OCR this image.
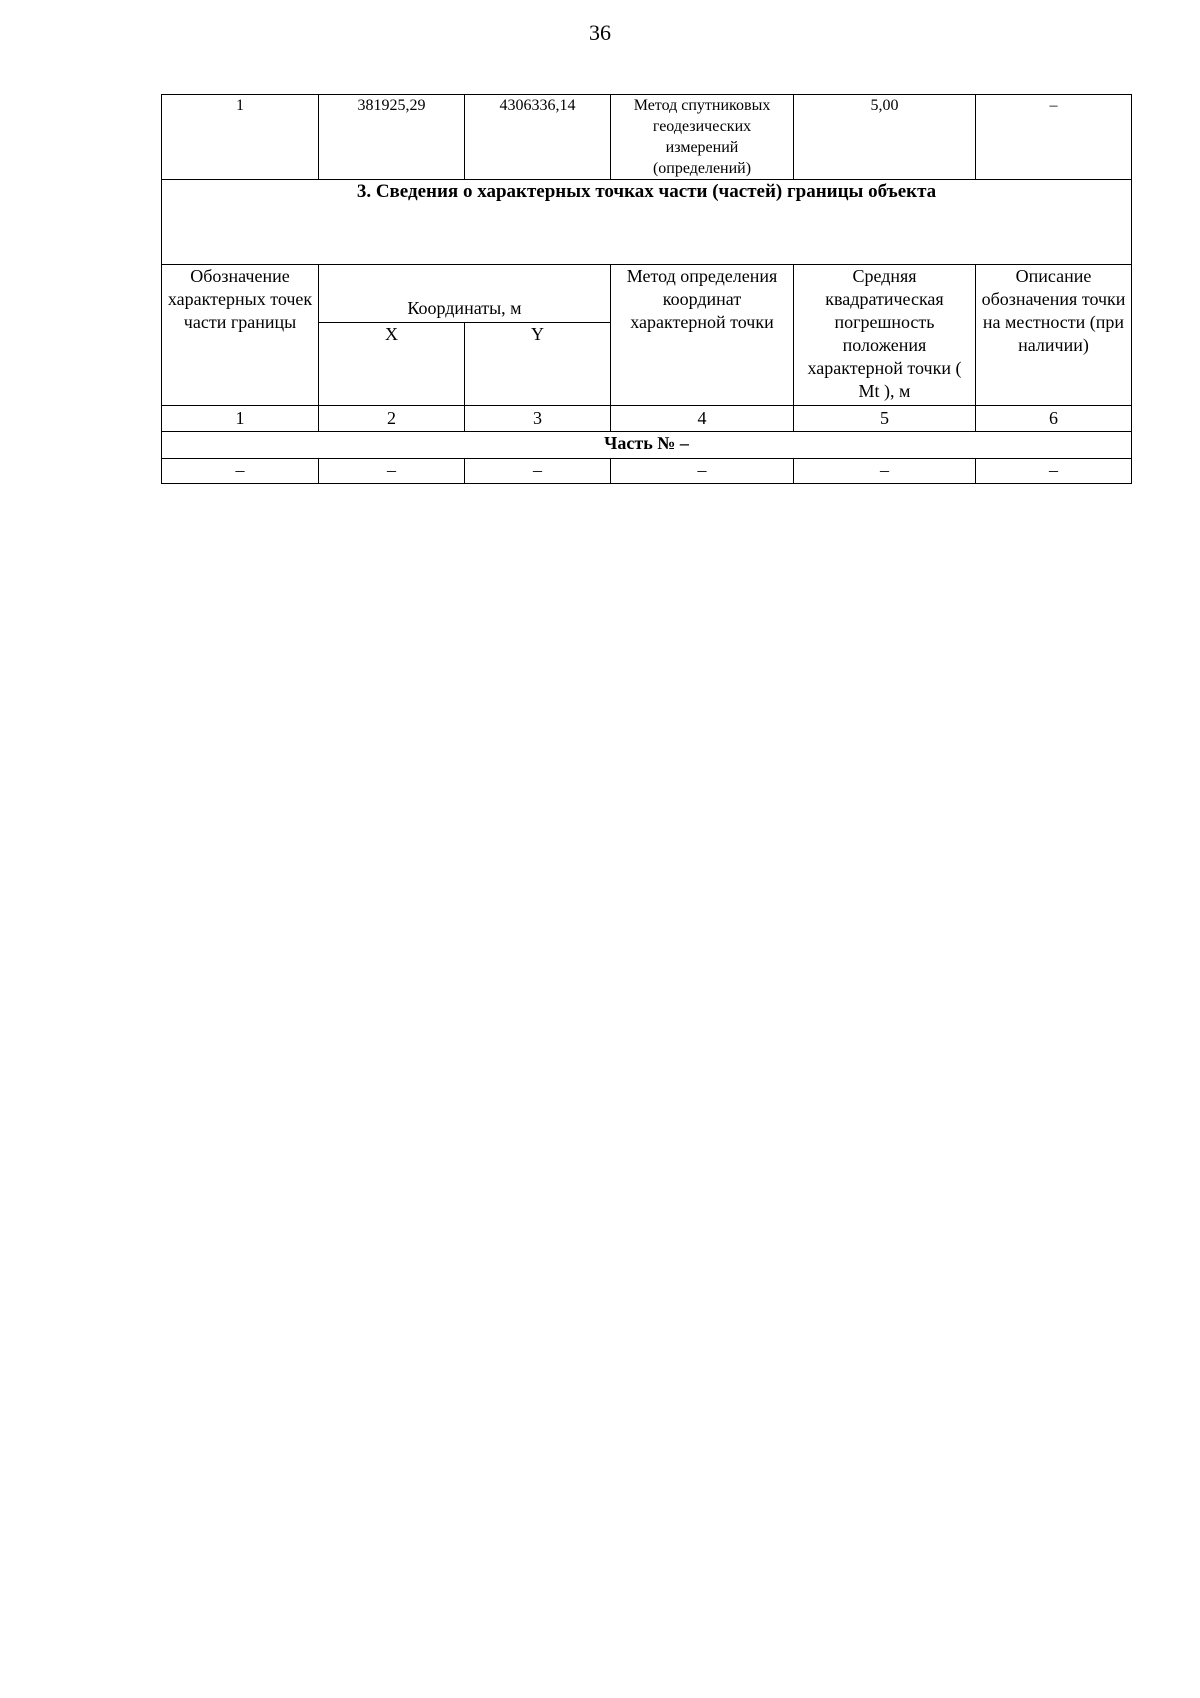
36
1	381925,29	4306336,14	Метод спутниковых геодезических измерений (определений)	5,00	–
3. Сведения о характерных точках части (частей) границы объекта					
Обозначение характерных точек части границы	Координаты, м		Метод определения координат характерной точки	Средняя квадратическая погрешность положения характерной точки ( Mt ), м	Описание обозначения точки на местности (при наличии)
	X	Y			
1	2	3	4	5	6
Часть № –					
–	–	–	–	–	–
